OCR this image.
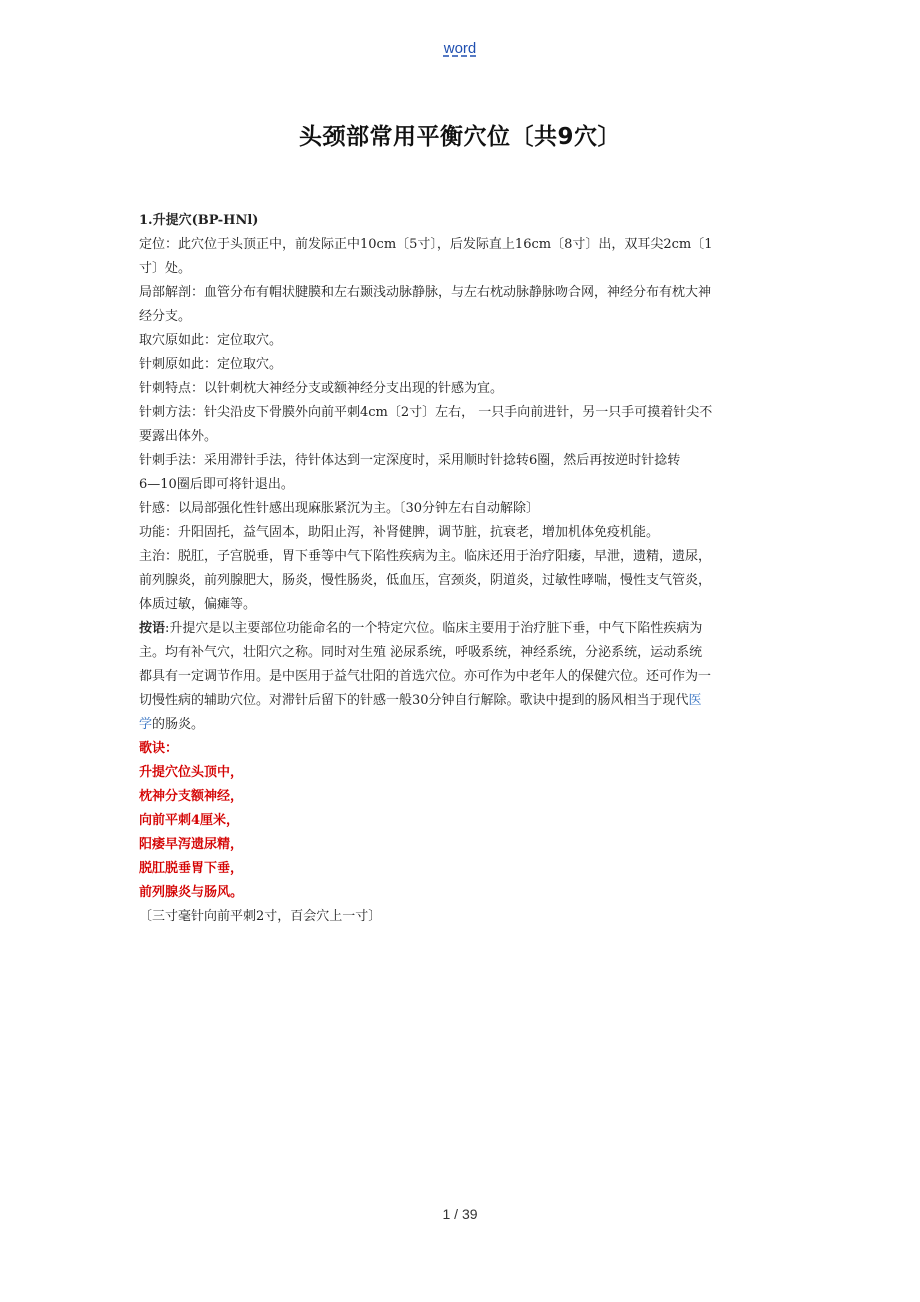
word
头颈部常用平衡穴位〔共9穴〕

1.升提穴(BP-HNl)

定位：此穴位于头顶正中，前发际正中10cm〔5寸〕，后发际直上16cm〔8寸〕出，双耳尖2cm〔1

寸〕处。

局部解剖：血管分布有帽状腱膜和左右颞浅动脉静脉，与左右枕动脉静脉吻合网，神经分布有枕大神

经分支。

取穴原如此：定位取穴。

针刺原如此：定位取穴。

针刺特点：以针刺枕大神经分支或额神经分支出现的针感为宜。

针刺方法：针尖沿皮下骨膜外向前平刺4cm〔2寸〕左右， 一只手向前进针，另一只手可摸着针尖不

要露出体外。

针刺手法：采用滞针手法，待针体达到一定深度时，采用顺时针捻转6圈，然后再按逆时针捻转

6—10圈后即可将针退出。

针感：以局部强化性针感出现麻胀紧沉为主。〔30分钟左右自动解除〕

功能：升阳固托，益气固本，助阳止泻，补肾健脾，调节脏，抗衰老，增加机体免疫机能。

主治：脱肛，子宫脱垂，胃下垂等中气下陷性疾病为主。临床还用于治疗阳痿，早泄，遗精，遗尿，

前列腺炎，前列腺肥大，肠炎，慢性肠炎，低血压，宫颈炎，阴道炎，过敏性哮喘，慢性支气管炎，

体质过敏，偏瘫等。

按语:升提穴是以主要部位功能命名的一个特定穴位。临床主要用于治疗脏下垂，中气下陷性疾病为

主。均有补气穴，壮阳穴之称。同时对生殖 泌尿系统，呼吸系统，神经系统，分泌系统，运动系统

都具有一定调节作用。是中医用于益气壮阳的首选穴位。亦可作为中老年人的保健穴位。还可作为一

切慢性病的辅助穴位。对滞针后留下的针感一般30分钟自行解除。歌诀中提到的肠风相当于现代医

学的肠炎。

歌诀：

升提穴位头顶中，

枕神分支额神经，

向前平刺4厘米，

阳痿早泻遗尿精，

脱肛脱垂胃下垂，

前列腺炎与肠风。

〔三寸毫针向前平刺2寸，百会穴上一寸〕

1 / 39
